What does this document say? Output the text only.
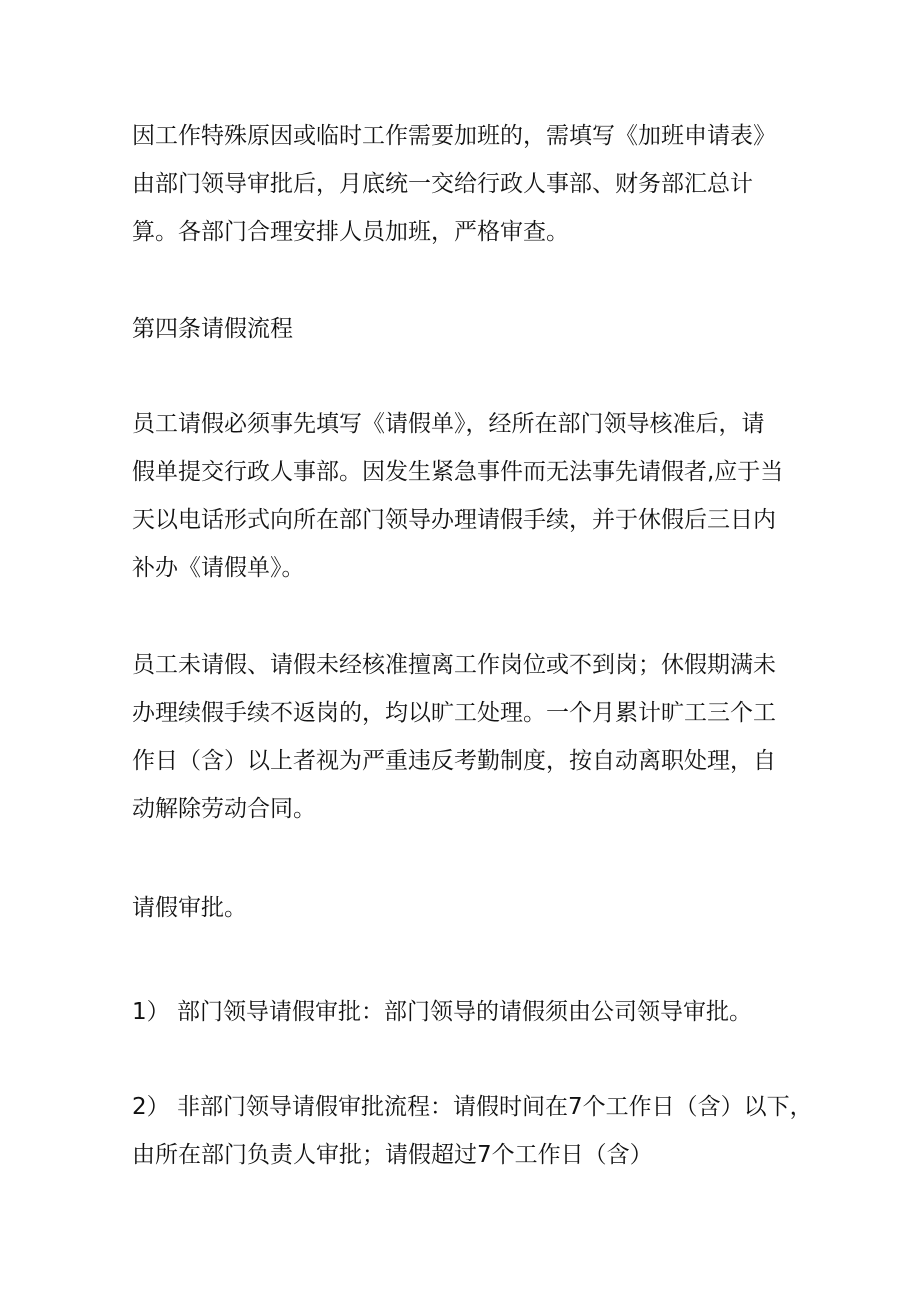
因工作特殊原因或临时工作需要加班的，需填写《加班申请表》
由部门领导审批后，月底统一交给行政人事部、财务部汇总计
算。各部门合理安排人员加班，严格审查。
第四条请假流程
员工请假必须事先填写《请假单》，经所在部门领导核准后，请
假单提交行政人事部。因发生紧急事件而无法事先请假者,应于当
天以电话形式向所在部门领导办理请假手续，并于休假后三日内
补办《请假单》。
员工未请假、请假未经核准擅离工作岗位或不到岗；休假期满未
办理续假手续不返岗的，均以旷工处理。一个月累计旷工三个工
作日（含）以上者视为严重违反考勤制度，按自动离职处理，自
动解除劳动合同。
请假审批。
1） 部门领导请假审批：部门领导的请假须由公司领导审批。
2） 非部门领导请假审批流程：请假时间在7个工作日（含）以下，
由所在部门负责人审批；请假超过7个工作日（含）
